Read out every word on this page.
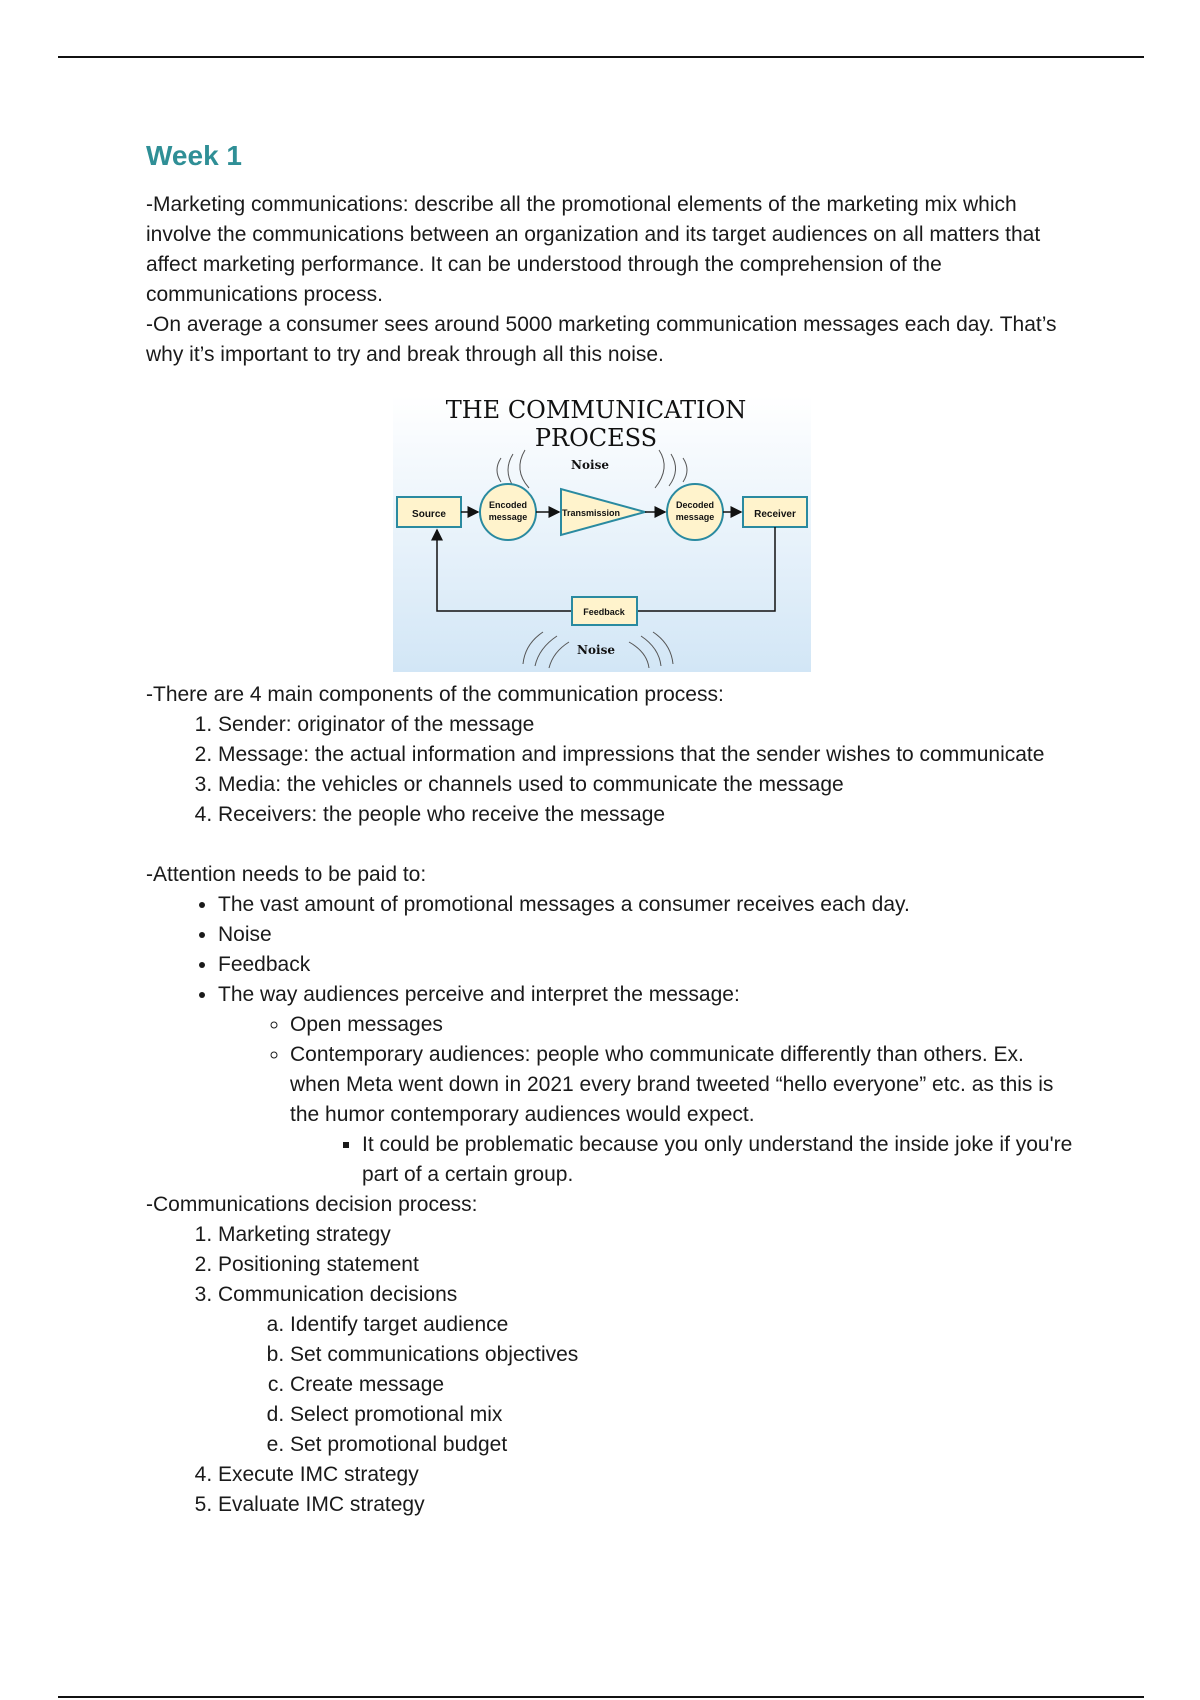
Week 1

-Marketing communications: describe all the promotional elements of the marketing mix which involve the communications between an organization and its target audiences on all matters that affect marketing performance. It can be understood through the comprehension of the communications process.

-On average a consumer sees around 5000 marketing communication messages each day. That’s why it’s important to try and break through all this noise.

THE COMMUNICATION
PROCESS
Noise
Source
Encoded
message	Transmission
Decoded
message	Receiver
Feedback
Noise

-There are 4 main components of the communication process:

1. Sender: originator of the message
2. Message: the actual information and impressions that the sender wishes to communicate
3. Media: the vehicles or channels used to communicate the message
4. Receivers: the people who receive the message

-Attention needs to be paid to:

• The vast amount of promotional messages a consumer receives each day.
• Noise
• Feedback
• The way audiences perceive and interpret the message:
◦ Open messages
◦ Contemporary audiences: people who communicate differently than others. Ex. when Meta went down in 2021 every brand tweeted “hello everyone” etc. as this is the humor contemporary audiences would expect.
▪ It could be problematic because you only understand the inside joke if you're part of a certain group.

-Communications decision process:

1. Marketing strategy
2. Positioning statement
3. Communication decisions
a. Identify target audience
b. Set communications objectives
c. Create message
d. Select promotional mix
e. Set promotional budget
4. Execute IMC strategy
5. Evaluate IMC strategy
